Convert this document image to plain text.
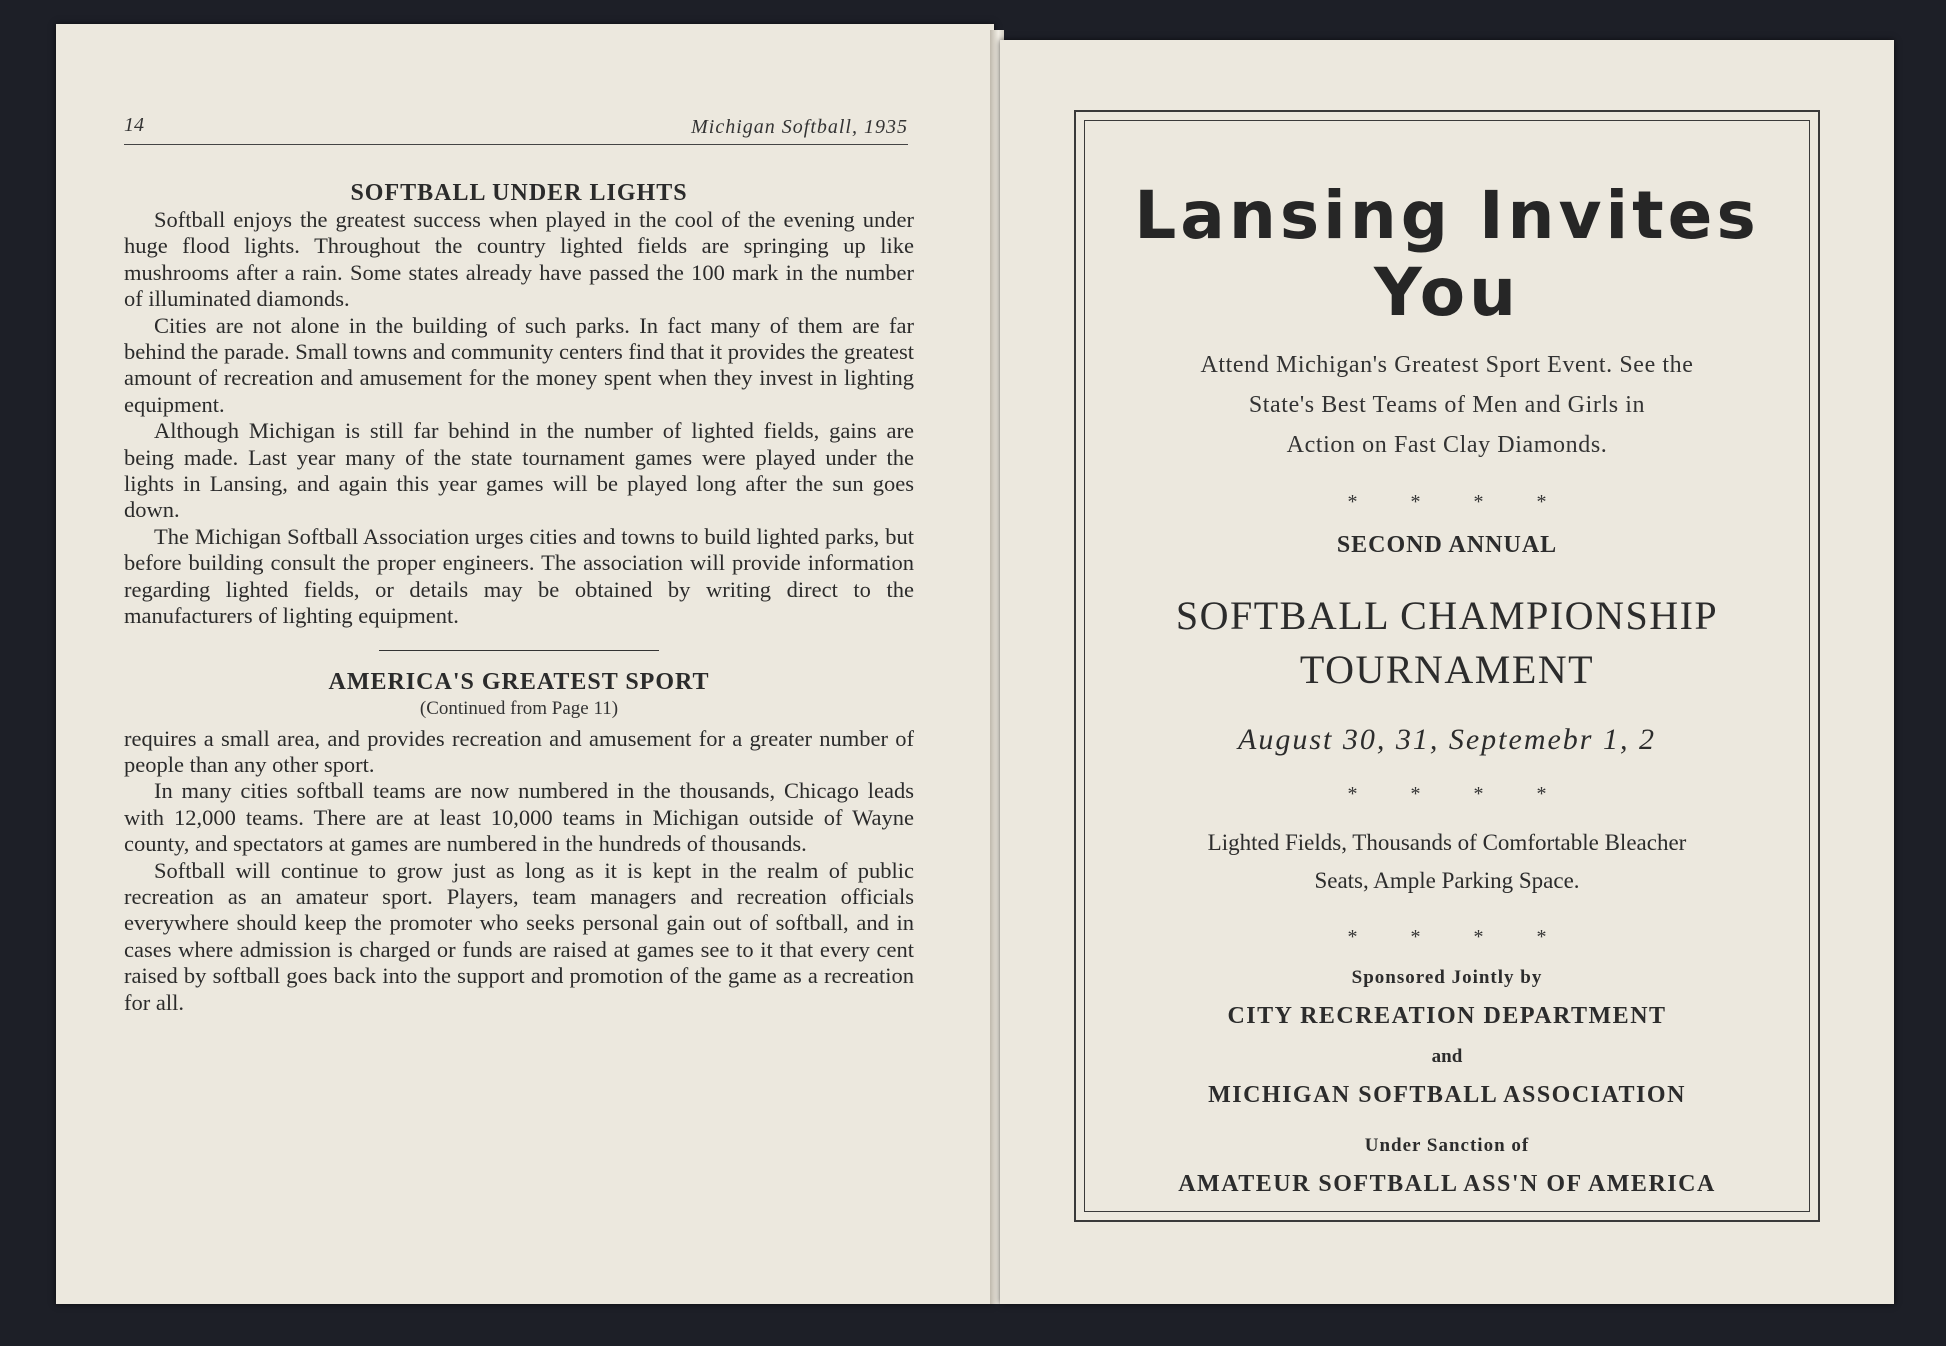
14	Michigan Softball, 1935
SOFTBALL UNDER LIGHTS

Softball enjoys the greatest success when played in the cool of the evening under huge flood lights. Throughout the country lighted fields are springing up like mushrooms after a rain. Some states already have passed the 100 mark in the number of illuminated diamonds.

Cities are not alone in the building of such parks. In fact many of them are far behind the parade. Small towns and community centers find that it provides the greatest amount of recreation and amusement for the money spent when they invest in lighting equipment.

Although Michigan is still far behind in the number of lighted fields, gains are being made. Last year many of the state tournament games were played under the lights in Lansing, and again this year games will be played long after the sun goes down.

The Michigan Softball Association urges cities and towns to build lighted parks, but before building consult the proper engineers. The association will provide information regarding lighted fields, or details may be obtained by writing direct to the manufacturers of lighting equipment.

AMERICA'S GREATEST SPORT
(Continued from Page 11)

requires a small area, and provides recreation and amusement for a greater number of people than any other sport.

In many cities softball teams are now numbered in the thousands, Chicago leads with 12,000 teams. There are at least 10,000 teams in Michigan outside of Wayne county, and spectators at games are numbered in the hundreds of thousands.

Softball will continue to grow just as long as it is kept in the realm of public recreation as an amateur sport. Players, team managers and recreation officials everywhere should keep the promoter who seeks personal gain out of softball, and in cases where admission is charged or funds are raised at games see to it that every cent raised by softball goes back into the support and promotion of the game as a recreation for all.

Lansing Invites You
Attend Michigan's Greatest Sport Event. See the
State's Best Teams of Men and Girls in
Action on Fast Clay Diamonds.
* * * *
SECOND ANNUAL
SOFTBALL CHAMPIONSHIP
TOURNAMENT
August 30, 31, Septemebr 1, 2
* * * *
Lighted Fields, Thousands of Comfortable Bleacher
Seats, Ample Parking Space.
* * * *
Sponsored Jointly by
CITY RECREATION DEPARTMENT
and
MICHIGAN SOFTBALL ASSOCIATION
Under Sanction of
AMATEUR SOFTBALL ASS'N OF AMERICA
